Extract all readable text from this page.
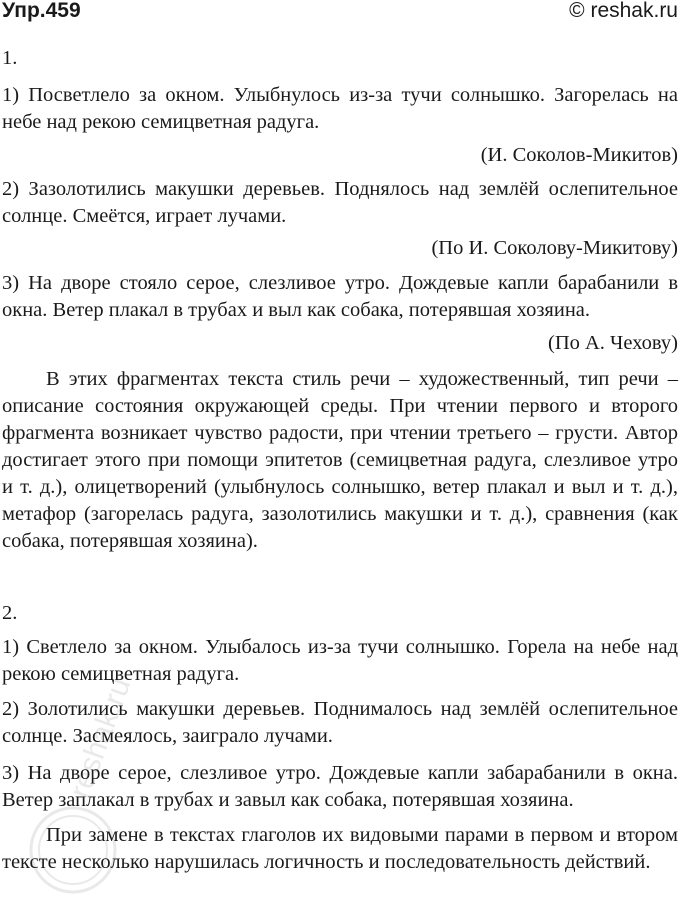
Упр.459	© reshak.ru
1.
1) Посветлело за окном. Улыбнулось из-за тучи солнышко. Загорелась на небе над рекою семицветная радуга.
(И. Соколов-Микитов)
2) Зазолотились макушки деревьев. Поднялось над землёй ослепительное солнце. Смеётся, играет лучами.
(По И. Соколову-Микитову)
3) На дворе стояло серое, слезливое утро. Дождевые капли барабанили в окна. Ветер плакал в трубах и выл как собака, потерявшая хозяина.
(По А. Чехову)
В этих фрагментах текста стиль речи – художественный, тип речи – описание состояния окружающей среды. При чтении первого и второго фрагмента возникает чувство радости, при чтении третьего – грусти. Автор достигает этого при помощи эпитетов (семицветная радуга, слезливое утро и т. д.), олицетворений (улыбнулось солнышко, ветер плакал и выл и т. д.), метафор (загорелась радуга, зазолотились макушки и т. д.), сравнения (как собака, потерявшая хозяина).
2.
1) Светлело за окном. Улыбалось из-за тучи солнышко. Горела на небе над рекою семицветная радуга.
2) Золотились макушки деревьев. Поднималось над землёй ослепительное солнце. Засмеялось, заиграло лучами.
3) На дворе серое, слезливое утро. Дождевые капли забарабанили в окна. Ветер заплакал в трубах и завыл как собака, потерявшая хозяина.
При замене в текстах глаголов их видовыми парами в первом и втором тексте несколько нарушилась логичность и последовательность действий.
reshak.ru
